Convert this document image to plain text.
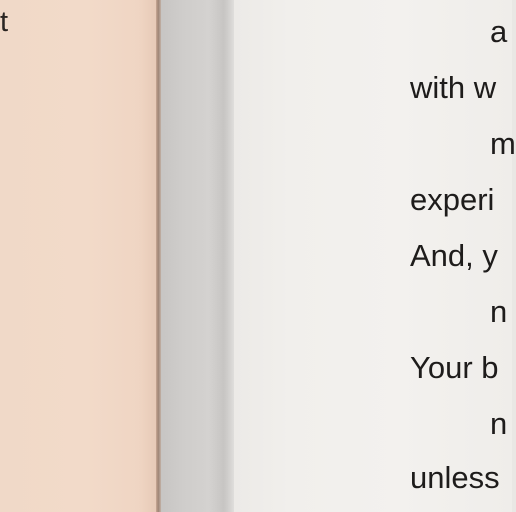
t	a
with w
m
experi
And, y
n
Your b
n
unless
